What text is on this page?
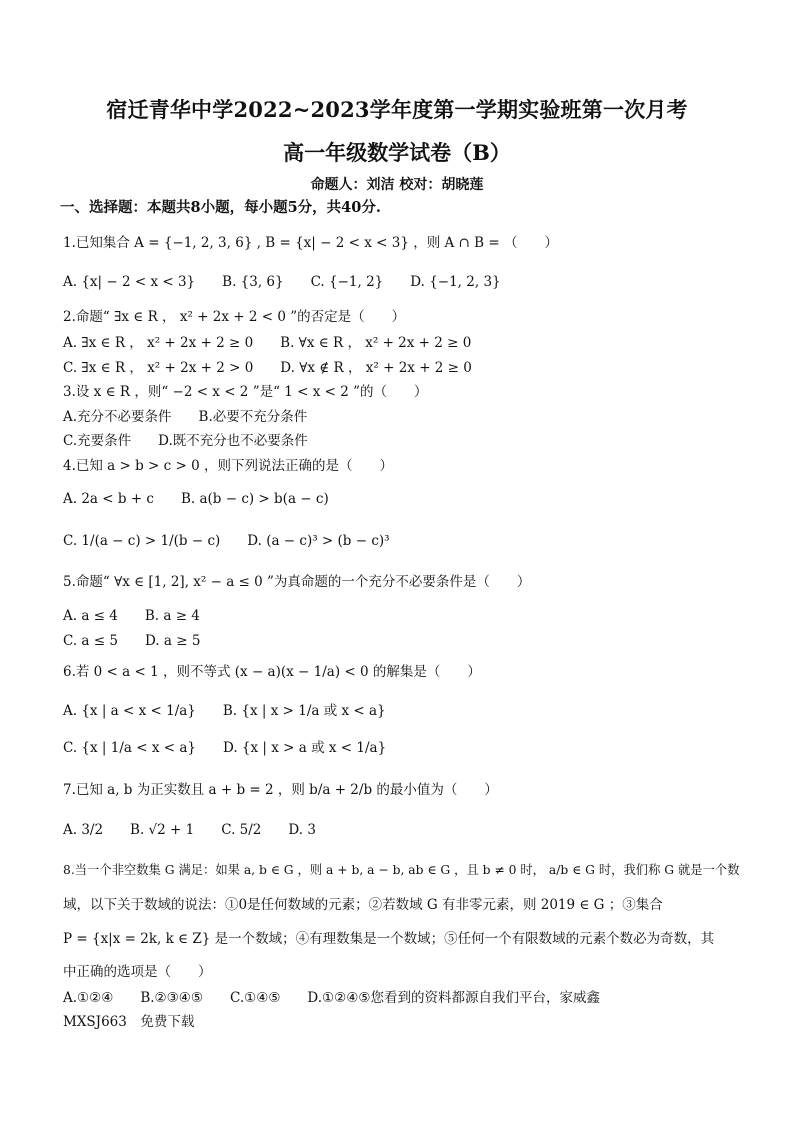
宿迁青华中学2022~2023学年度第一学期实验班第一次月考
高一年级数学试卷（B）
命题人：刘洁 校对：胡晓莲
一、选择题：本题共8小题，每小题5分，共40分.
1.已知集合 A = {−1, 2, 3, 6} , B = {x| − 2 < x < 3} ，则 A ∩ B = （　　）
A. {x| − 2 < x < 3}　　B. {3, 6}　　C. {−1, 2}　　D. {−1, 2, 3}
2.命题“ ∃x ∈ R ， x² + 2x + 2 < 0 ”的否定是（　　）
A. ∃x ∈ R ， x² + 2x + 2 ≥ 0　　B. ∀x ∈ R ， x² + 2x + 2 ≥ 0
C. ∃x ∈ R ， x² + 2x + 2 > 0　　D. ∀x ∉ R ， x² + 2x + 2 ≥ 0
3.设 x ∈ R ，则“ −2 < x < 2 ”是“ 1 < x < 2 ”的（　　）
A.充分不必要条件　　B.必要不充分条件
C.充要条件　　D.既不充分也不必要条件
4.已知 a > b > c > 0 ，则下列说法正确的是（　　）
A. 2a < b + c　　B. a(b − c) > b(a − c)
C. 1/(a − c) > 1/(b − c)　　D. (a − c)³ > (b − c)³
5.命题“ ∀x ∈ [1, 2], x² − a ≤ 0 ”为真命题的一个充分不必要条件是（　　）
A. a ≤ 4　　B. a ≥ 4
C. a ≤ 5　　D. a ≥ 5
6.若 0 < a < 1 ，则不等式 (x − a)(x − 1/a) < 0 的解集是（　　）
A. {x | a < x < 1/a}　　B. {x | x > 1/a 或 x < a}
C. {x | 1/a < x < a}　　D. {x | x > a 或 x < 1/a}
7.已知 a, b 为正实数且 a + b = 2 ，则 b/a + 2/b 的最小值为（　　）
A. 3/2　　B. √2 + 1　　C. 5/2　　D. 3
8.当一个非空数集 G 满足：如果 a, b ∈ G ，则 a + b, a − b, ab ∈ G ，且 b ≠ 0 时， a/b ∈ G 时，我们称 G 就是一个数
域，以下关于数域的说法：①0是任何数域的元素；②若数域 G 有非零元素，则 2019 ∈ G ；③集合
P = {x|x = 2k, k ∈ Z} 是一个数域；④有理数集是一个数域；⑤任何一个有限数域的元素个数必为奇数，其
中正确的选项是（　　）
A.①②④　　B.②③④⑤　　C.①④⑤　　D.①②④⑤您看到的资料都源自我们平台，家威鑫
MXSJ663　免费下载
